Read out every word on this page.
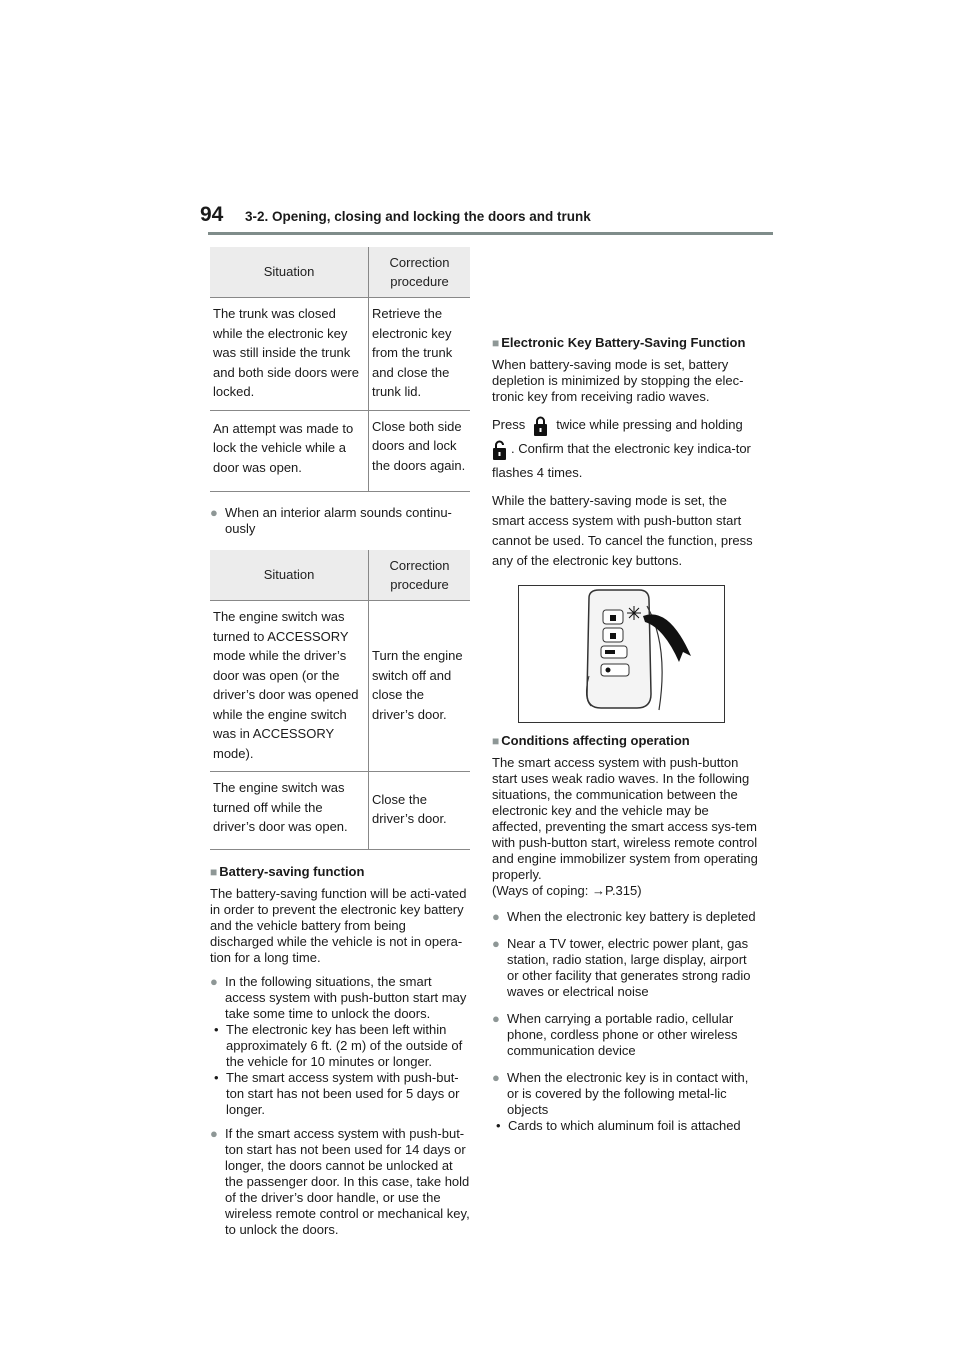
94 3-2. Opening, closing and locking the doors and trunk
Situation	Correction procedure
The trunk was closed while the electronic key was still inside the trunk and both side doors were locked.	Retrieve the electronic key from the trunk and close the trunk lid.
An attempt was made to lock the vehicle while a door was open.	Close both side doors and lock the doors again.
● When an interior alarm sounds continu-ously
Situation	Correction procedure
The engine switch was turned to ACCESSORY mode while the driver’s door was open (or the driver’s door was opened while the engine switch was in ACCESSORY mode).	Turn the engine switch off and close the driver’s door.
The engine switch was turned off while the driver’s door was open.	Close the driver’s door.
■ Battery-saving function
The battery-saving function will be acti-vated in order to prevent the electronic key battery and the vehicle battery from being discharged while the vehicle is not in opera-tion for a long time.
● In the following situations, the smart access system with push-button start may take some time to unlock the doors.
• The electronic key has been left within approximately 6 ft. (2 m) of the outside of the vehicle for 10 minutes or longer.
• The smart access system with push-but-ton start has not been used for 5 days or longer.
● If the smart access system with push-but-ton start has not been used for 14 days or longer, the doors cannot be unlocked at the passenger door. In this case, take hold of the driver’s door handle, or use the wireless remote control or mechanical key, to unlock the doors.
■ Electronic Key Battery-Saving Function
When battery-saving mode is set, battery depletion is minimized by stopping the elec-tronic key from receiving radio waves.
Press twice while pressing and holding
. Confirm that the electronic key indica-tor flashes 4 times.
While the battery-saving mode is set, the smart access system with push-button start cannot be used. To cancel the function, press any of the electronic key buttons.
■ Conditions affecting operation
The smart access system with push-button start uses weak radio waves. In the following situations, the communication between the electronic key and the vehicle may be affected, preventing the smart access sys-tem with push-button start, wireless remote control and engine immobilizer system from operating properly.
(Ways of coping: →P.315)
● When the electronic key battery is depleted
● Near a TV tower, electric power plant, gas station, radio station, large display, airport or other facility that generates strong radio waves or electrical noise
● When carrying a portable radio, cellular phone, cordless phone or other wireless communication device
● When the electronic key is in contact with, or is covered by the following metal-lic objects
• Cards to which aluminum foil is attached
